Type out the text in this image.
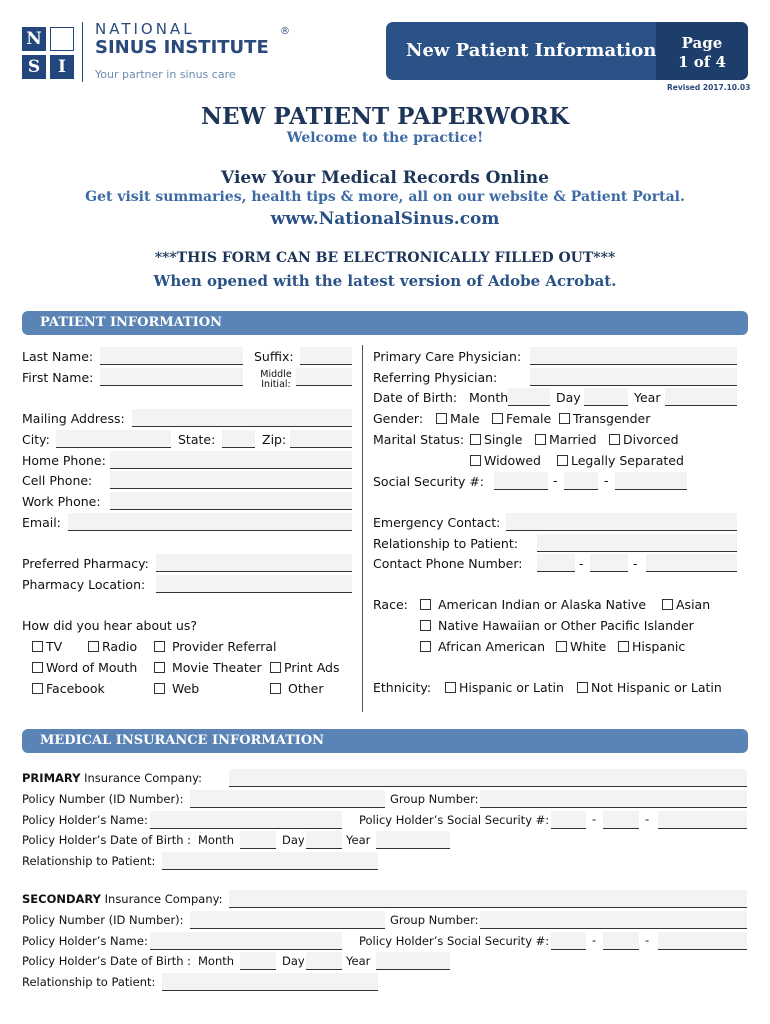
N
S	I
NATIONAL
SINUS INSTITUTE
®
Your partner in sinus care
New Patient Information	Page
1 of 4
Revised 2017.10.03
NEW PATIENT PAPERWORK
Welcome to the practice!
View Your Medical Records Online
Get visit summaries, health tips & more, all on our website & Patient Portal.
www.NationalSinus.com
***THIS FORM CAN BE ELECTRONICALLY FILLED OUT***
When opened with the latest version of Adobe Acrobat.
PATIENT INFORMATION
Last Name:	Suffix:
First Name:	Middle
Initial:
Mailing Address:
City:	State:	Zip:
Home Phone:
Cell Phone:
Work Phone:
Email:
Preferred Pharmacy:
Pharmacy Location:
How did you hear about us?
TV	Radio	Provider Referral
Word of Mouth	Movie Theater	Print Ads
Facebook	Web	Other
Primary Care Physician:
Referring Physician:
Date of Birth: Month	Day	Year
Gender:	Male	Female	Transgender
Marital Status:	Single	Married	Divorced
Widowed	Legally Separated
Social Security #:	-	-
Emergency Contact:
Relationship to Patient:
Contact Phone Number:	-	-
Race:	American Indian or Alaska Native	Asian
Native Hawaiian or Other Pacific Islander
African American	White	Hispanic
Ethnicity:	Hispanic or Latin	Not Hispanic or Latin
MEDICAL INSURANCE INFORMATION
PRIMARY Insurance Company:
Policy Number (ID Number):	Group Number:
Policy Holder’s Name:	Policy Holder’s Social Security #:	-	-
Policy Holder’s Date of Birth : Month	Day	Year
Relationship to Patient:
SECONDARY Insurance Company:
Policy Number (ID Number):	Group Number:
Policy Holder’s Name:	Policy Holder’s Social Security #:	-	-
Policy Holder’s Date of Birth : Month	Day	Year
Relationship to Patient:
